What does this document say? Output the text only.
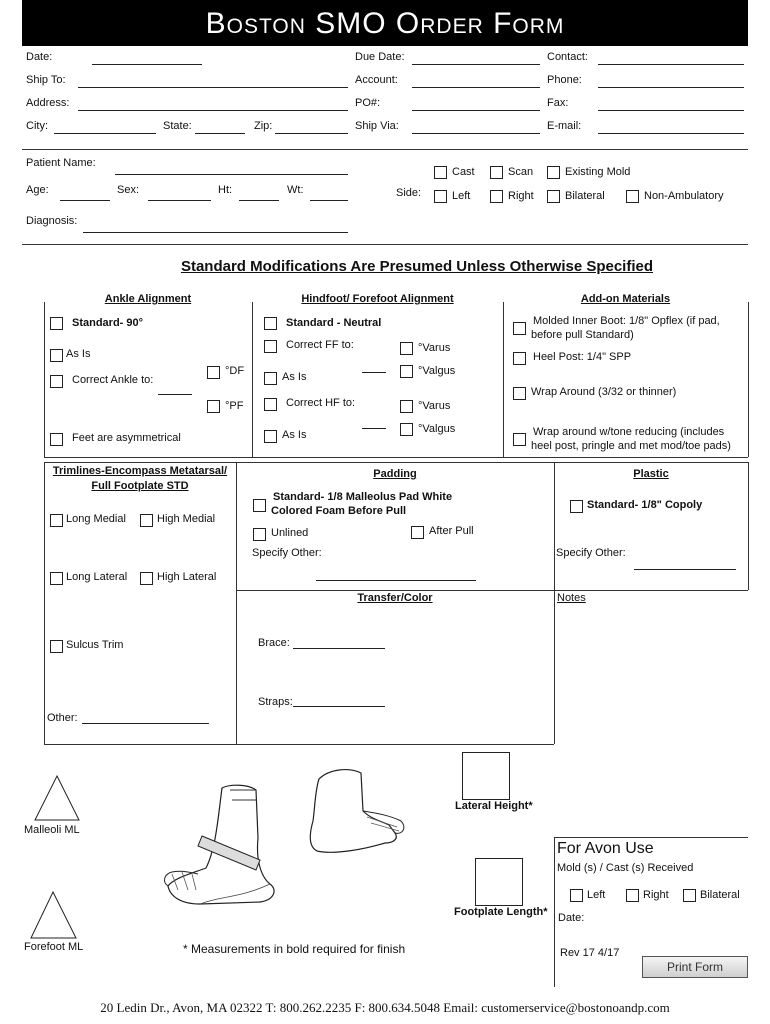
Boston SMO Order Form
Date:	Due Date:	Contact:
Ship To:	Account:	Phone:
Address:	PO#:	Fax:
City:	State:	Zip:	Ship Via:	E-mail:
Patient Name:
Age:	Sex:	Ht:	Wt:
Diagnosis:
Cast	Scan	Existing Mold
Side:	Left	Right	Bilateral	Non-Ambulatory
Standard Modifications Are Presumed Unless Otherwise Specified
Ankle Alignment
Standard- 90°
As Is
Correct Ankle to:
°DF
°PF
Feet are asymmetrical
Hindfoot/ Forefoot Alignment
Standard - Neutral
Correct FF to:	°Varus
As Is	°Valgus
Correct HF to:	°Varus
As Is	°Valgus
Add-on Materials
Molded Inner Boot: 1/8" Opflex (if pad,
before pull Standard)
Heel Post: 1/4" SPP
Wrap Around (3/32 or thinner)
Wrap around w/tone reducing (includes
heel post, pringle and met mod/toe pads)
Trimlines-Encompass Metatarsal/
Full Footplate STD
Long Medial	High Medial
Long Lateral	High Lateral
Sulcus Trim
Other:
Padding
Standard- 1/8 Malleolus Pad White
Colored Foam Before Pull
Unlined	After Pull
Specify Other:
Plastic
Standard- 1/8" Copoly
Specify Other:
Transfer/Color
Brace:
Straps:
Notes
Malleoli ML
Forefoot ML
Lateral Height*
Footplate Length*
* Measurements in bold required for finish
For Avon Use
Mold (s) / Cast (s) Received
Left	Right	Bilateral
Date:
Rev 17 4/17
Print Form
20 Ledin Dr., Avon, MA 02322 T: 800.262.2235 F: 800.634.5048 Email: customerservice@bostonoandp.com
